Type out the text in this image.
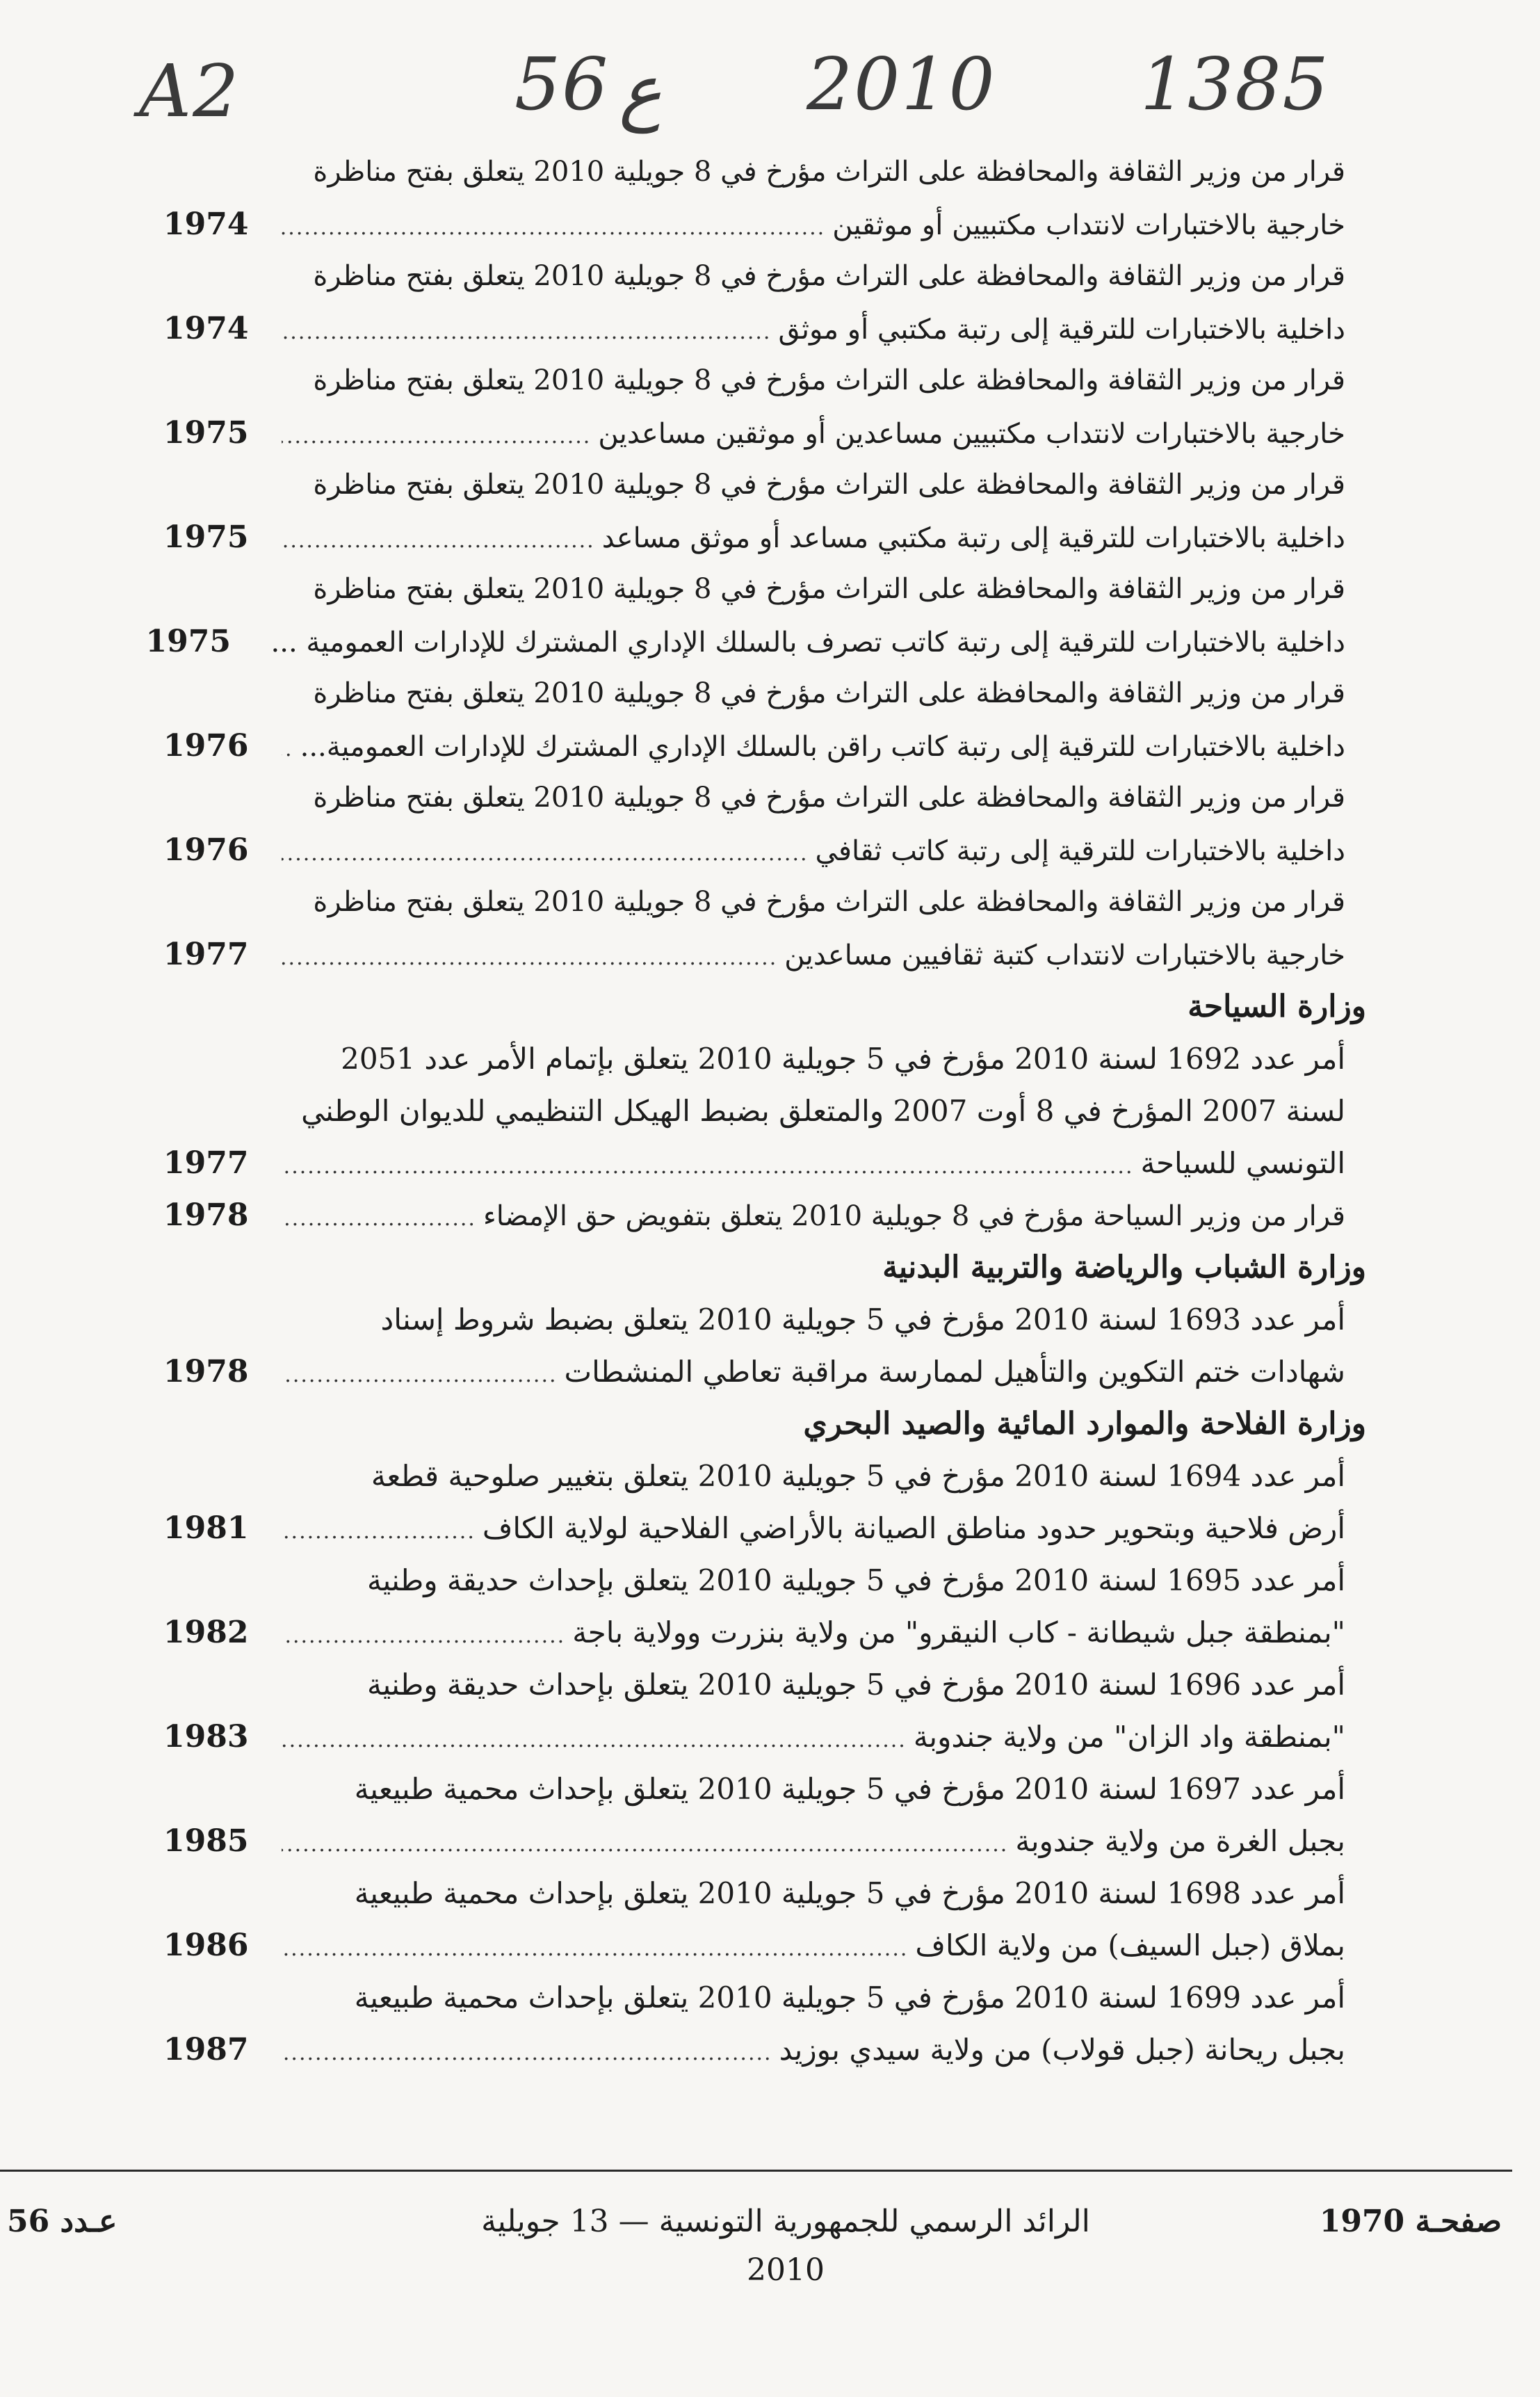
A2	56 ع 2010 1385
قرار من وزير الثقافة والمحافظة على التراث مؤرخ في 8 جويلية 2010 يتعلق بفتح مناظرة
خارجية بالاختبارات لانتداب مكتبيين أو موثقين
.....
1974
قرار من وزير الثقافة والمحافظة على التراث مؤرخ في 8 جويلية 2010 يتعلق بفتح مناظرة
داخلية بالاختبارات للترقية إلى رتبة مكتبي أو موثق
.....
1974
قرار من وزير الثقافة والمحافظة على التراث مؤرخ في 8 جويلية 2010 يتعلق بفتح مناظرة
خارجية بالاختبارات لانتداب مكتبيين مساعدين أو موثقين مساعدين
.....
1975
قرار من وزير الثقافة والمحافظة على التراث مؤرخ في 8 جويلية 2010 يتعلق بفتح مناظرة
داخلية بالاختبارات للترقية إلى رتبة مكتبي مساعد أو موثق مساعد
.....
1975
قرار من وزير الثقافة والمحافظة على التراث مؤرخ في 8 جويلية 2010 يتعلق بفتح مناظرة
داخلية بالاختبارات للترقية إلى رتبة كاتب تصرف بالسلك الإداري المشترك للإدارات العمومية ...
1975
قرار من وزير الثقافة والمحافظة على التراث مؤرخ في 8 جويلية 2010 يتعلق بفتح مناظرة
داخلية بالاختبارات للترقية إلى رتبة كاتب راقن بالسلك الإداري المشترك للإدارات العمومية...
.....
1976
قرار من وزير الثقافة والمحافظة على التراث مؤرخ في 8 جويلية 2010 يتعلق بفتح مناظرة
داخلية بالاختبارات للترقية إلى رتبة كاتب ثقافي
.....
1976
قرار من وزير الثقافة والمحافظة على التراث مؤرخ في 8 جويلية 2010 يتعلق بفتح مناظرة
خارجية بالاختبارات لانتداب كتبة ثقافيين مساعدين
.....
1977
وزارة السياحة
أمر عدد 1692 لسنة 2010 مؤرخ في 5 جويلية 2010 يتعلق بإتمام الأمر عدد 2051
لسنة 2007 المؤرخ في 8 أوت 2007 والمتعلق بضبط الهيكل التنظيمي للديوان الوطني
التونسي للسياحة
.....
1977
قرار من وزير السياحة مؤرخ في 8 جويلية 2010 يتعلق بتفويض حق الإمضاء
.....
1978
وزارة الشباب والرياضة والتربية البدنية
أمر عدد 1693 لسنة 2010 مؤرخ في 5 جويلية 2010 يتعلق بضبط شروط إسناد
شهادات ختم التكوين والتأهيل لممارسة مراقبة تعاطي المنشطات
.....
1978
وزارة الفلاحة والموارد المائية والصيد البحري
أمر عدد 1694 لسنة 2010 مؤرخ في 5 جويلية 2010 يتعلق بتغيير صلوحية قطعة
أرض فلاحية وبتحوير حدود مناطق الصيانة بالأراضي الفلاحية لولاية الكاف
.....
1981
أمر عدد 1695 لسنة 2010 مؤرخ في 5 جويلية 2010 يتعلق بإحداث حديقة وطنية
"بمنطقة جبل شيطانة - كاب النيقرو" من ولاية بنزرت وولاية باجة
.....
1982
أمر عدد 1696 لسنة 2010 مؤرخ في 5 جويلية 2010 يتعلق بإحداث حديقة وطنية
"بمنطقة واد الزان" من ولاية جندوبة
.....
1983
أمر عدد 1697 لسنة 2010 مؤرخ في 5 جويلية 2010 يتعلق بإحداث محمية طبيعية
بجبل الغرة من ولاية جندوبة
.....
1985
أمر عدد 1698 لسنة 2010 مؤرخ في 5 جويلية 2010 يتعلق بإحداث محمية طبيعية
بملاق (جبل السيف) من ولاية الكاف
.....
1986
أمر عدد 1699 لسنة 2010 مؤرخ في 5 جويلية 2010 يتعلق بإحداث محمية طبيعية
بجبل ريحانة (جبل قولاب) من ولاية سيدي بوزيد
.....
1987
صفحـة 1970
الرائد الرسمي للجمهورية التونسية — 13 جويلية 2010
عـدد 56
